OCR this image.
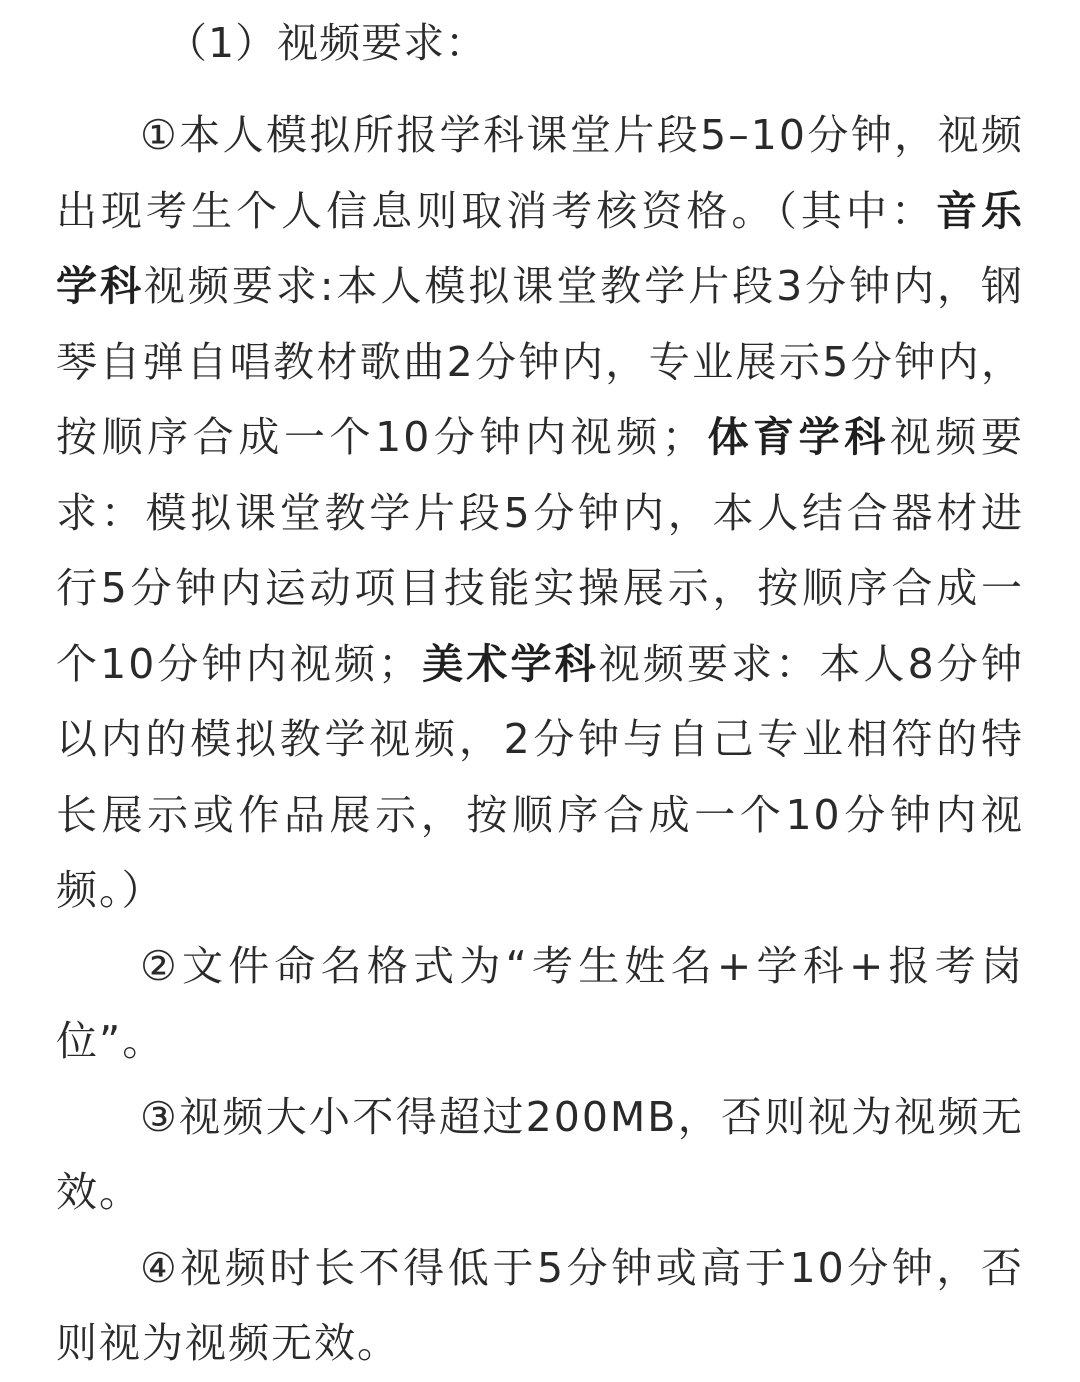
（1）视频要求：

①本人模拟所报学科课堂片段5–10分钟，视频出现考生个人信息则取消考核资格。（其中：音乐学科视频要求:本人模拟课堂教学片段3分钟内，钢琴自弹自唱教材歌曲2分钟内，专业展示5分钟内，按顺序合成一个10分钟内视频；体育学科视频要求：模拟课堂教学片段5分钟内，本人结合器材进行5分钟内运动项目技能实操展示，按顺序合成一个10分钟内视频；美术学科视频要求：本人8分钟以内的模拟教学视频，2分钟与自己专业相符的特长展示或作品展示，按顺序合成一个10分钟内视频。）

②文件命名格式为“考生姓名+学科+报考岗位”。

③视频大小不得超过200MB，否则视为视频无效。

④视频时长不得低于5分钟或高于10分钟，否则视为视频无效。
